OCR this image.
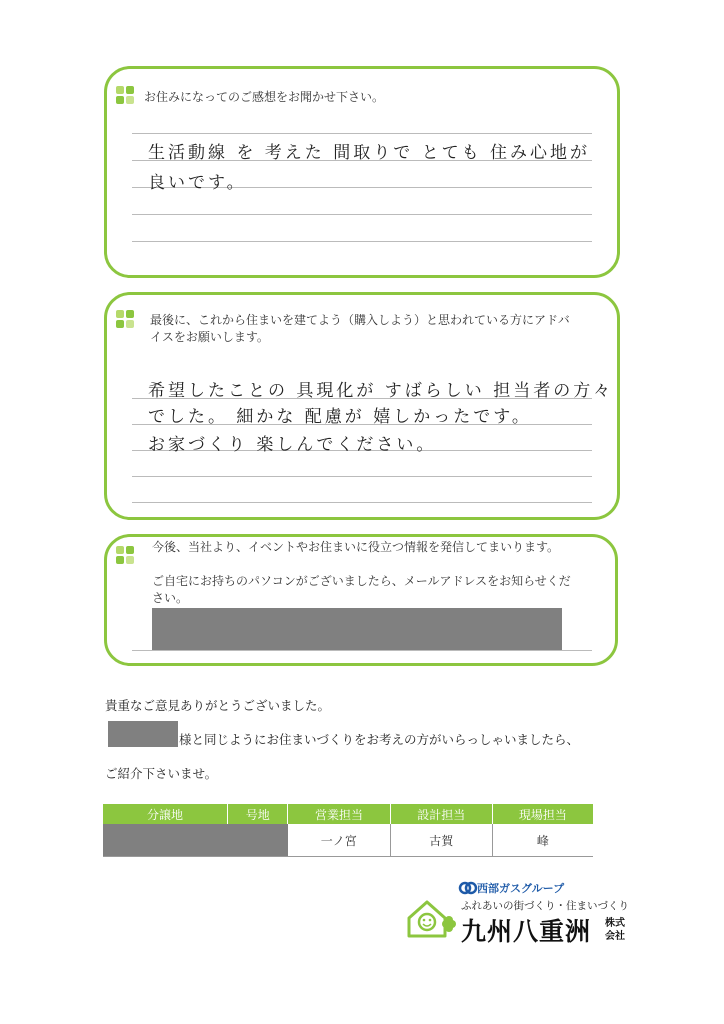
お住みになってのご感想をお聞かせ下さい。
生活動線 を 考えた 間取りで とても 住み心地が
良いです。
最後に、これから住まいを建てよう（購入しよう）と思われている方にアドバイスをお願いします。
希望したことの 具現化が すばらしい 担当者の方々
でした。 細かな 配慮が 嬉しかったです。
お家づくり 楽しんでください。
今後、当社より、イベントやお住まいに役立つ情報を発信してまいります。
ご自宅にお持ちのパソコンがございましたら、メールアドレスをお知らせください。
貴重なご意見ありがとうございました。
様と同じようにお住まいづくりをお考えの方がいらっしゃいましたら、
ご紹介下さいませ。
分譲地	号地	営業担当	設計担当	現場担当
		一ノ宮	古賀	峰
西部ガスグループ
ふれあいの街づくり・住まいづくり
九州八重洲 株式
会社
